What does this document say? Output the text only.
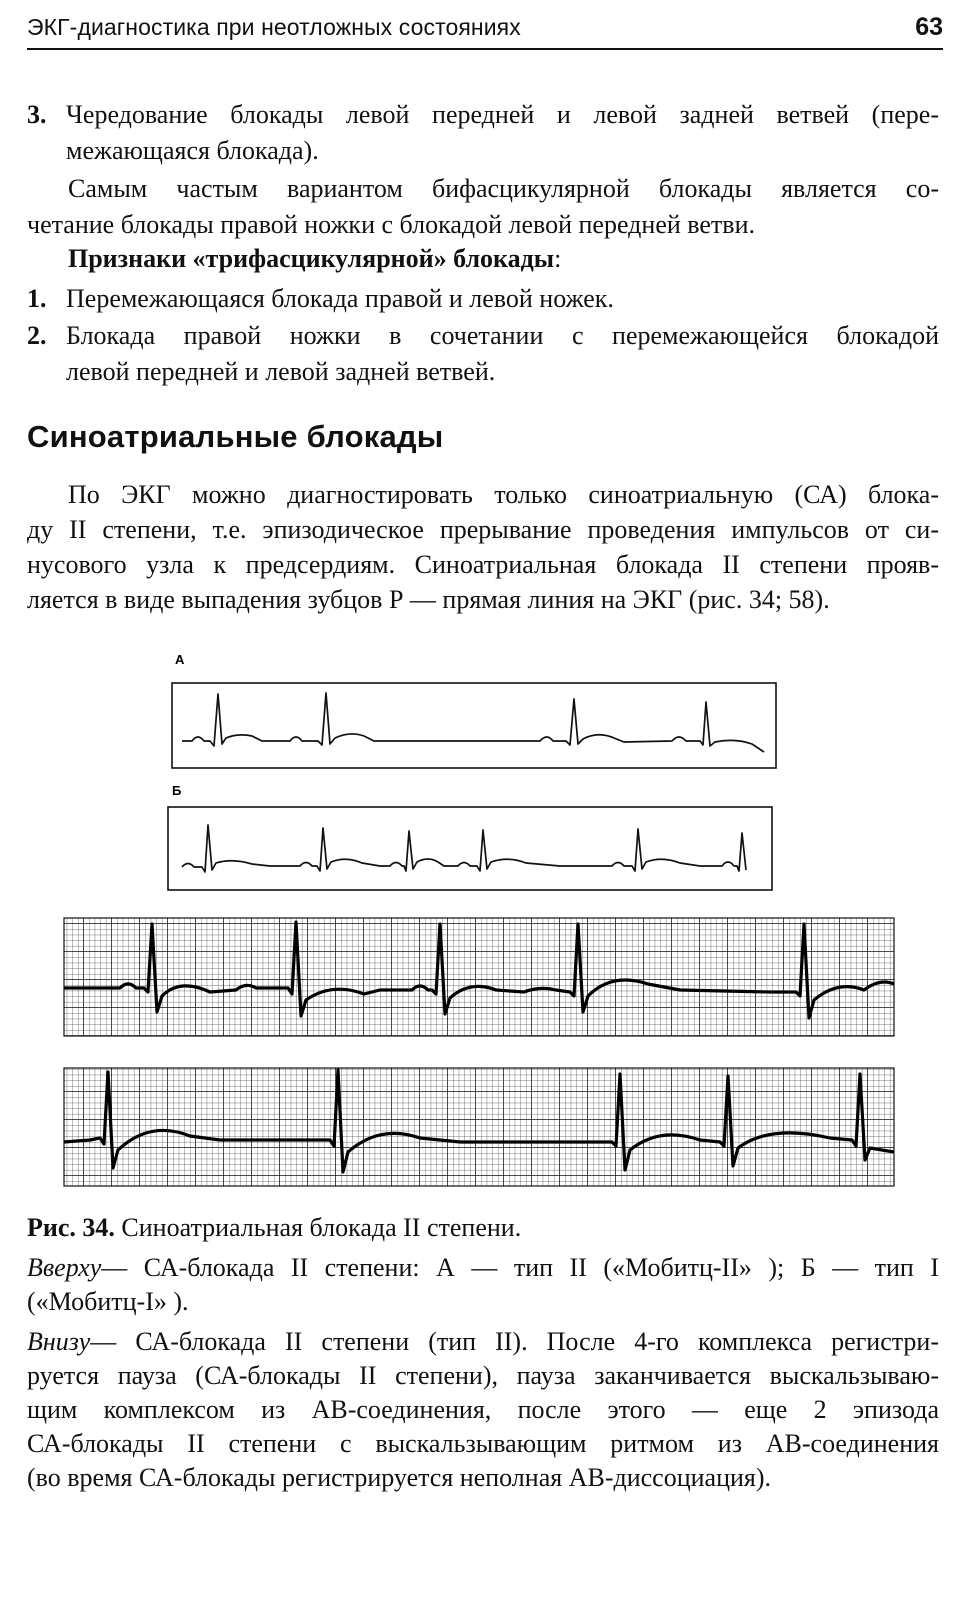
ЭКГ-диагностика при неотложных состояниях	63
3. Чередование блокады левой передней и левой задней ветвей (пере-
межающаяся блокада).
Самым частым вариантом бифасцикулярной блокады является со-
четание блокады правой ножки с блокадой левой передней ветви.
Признаки «трифасцикулярной» блокады:
1. Перемежающаяся блокада правой и левой ножек.
2. Блокада правой ножки в сочетании с перемежающейся блокадой
левой передней и левой задней ветвей.
Синоатриальные блокады
По ЭКГ можно диагностировать только синоатриальную (СА) блока-
ду II степени, т.е. эпизодическое прерывание проведения импульсов от си-
нусового узла к предсердиям. Синоатриальная блокада II степени прояв-
ляется в виде выпадения зубцов Р — прямая линия на ЭКГ (рис. 34; 58).
А
Б
Рис. 34. Синоатриальная блокада II степени.
Вверху— СА-блокада II степени: А — тип II («Мобитц-II» ); Б — тип I
(«Мобитц-I» ).
Внизу— СА-блокада II степени (тип II). После 4-го комплекса регистри-
руется пауза (СА-блокады II степени), пауза заканчивается выскальзываю-
щим комплексом из АВ-соединения, после этого — еще 2 эпизода
СА-блокады II степени с выскальзывающим ритмом из АВ-соединения
(во время СА-блокады регистрируется неполная АВ-диссоциация).
